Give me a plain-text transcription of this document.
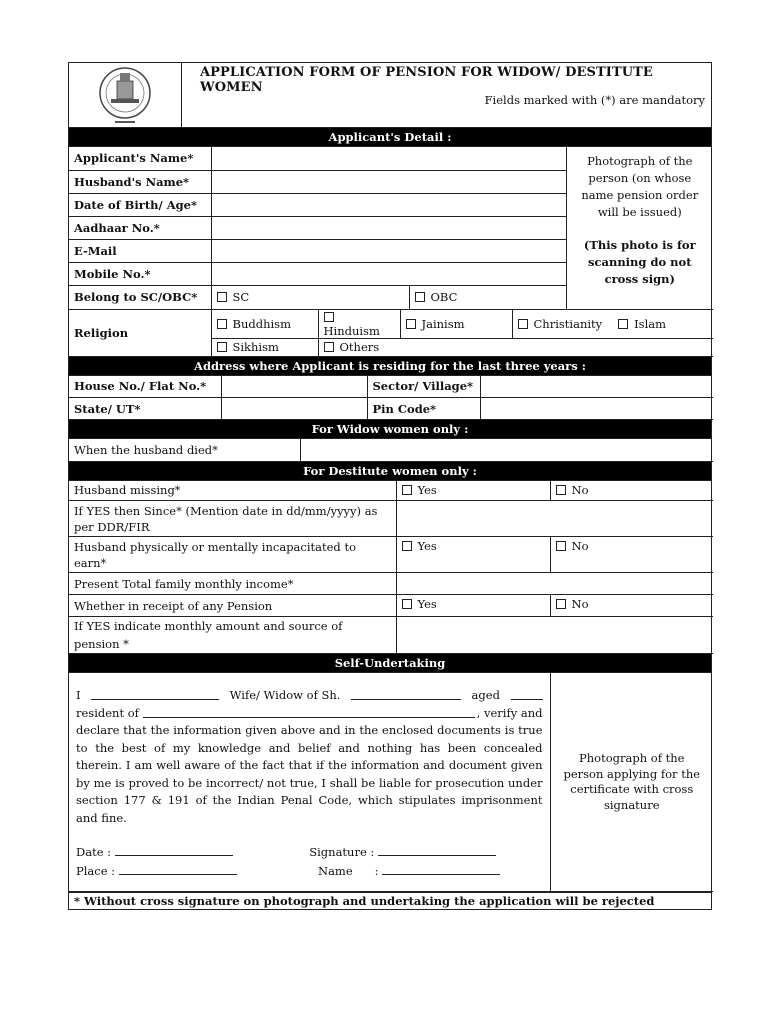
APPLICATION FORM OF PENSION FOR WIDOW/ DESTITUTE WOMEN
Fields marked with (*) are mandatory
Applicant's Detail :
Applicant's Name*			Photograph of the person (on whose name pension order will be issued)
(This photo is for scanning do not cross sign)

Husband's Name*			
Date of Birth/ Age*			
Aadhaar No.*			
E-Mail			
Mobile No.*			
Belong to SC/OBC*	SC	OBC	
Religion	Buddhism	Hinduism	Jainism	Christianity Islam
	Sikhism	Others		
Address where Applicant is residing for the last three years :
House No./ Flat No.*		Sector/ Village*	
State/ UT*		Pin Code*	
For Widow women only :
When the husband died*	
For Destitute women only :
Husband missing*	Yes	No
If YES then Since* (Mention date in dd/mm/yyyy) as per DDR/FIR		
Husband physically or mentally incapacitated to earn*	Yes	No
Present Total family monthly income*		
Whether in receipt of any Pension	Yes	No
If YES indicate monthly amount and source of pension *		
Self-Undertaking
I	Wife/ Widow of Sh.	aged
resident of	, verify and
declare that the information given above and in the enclosed documents is true to the best of my knowledge and belief and nothing has been concealed therein. I am well aware of the fact that if the information and document given by me is proved to be incorrect/ not true, I shall be liable for prosecution under section 177 & 191 of the Indian Penal Code, which stipulates imprisonment and fine.
Date :	Signature :
Place :	Name :
	Photograph of the person applying for the certificate with cross signature
* Without cross signature on photograph and undertaking the application will be rejected
